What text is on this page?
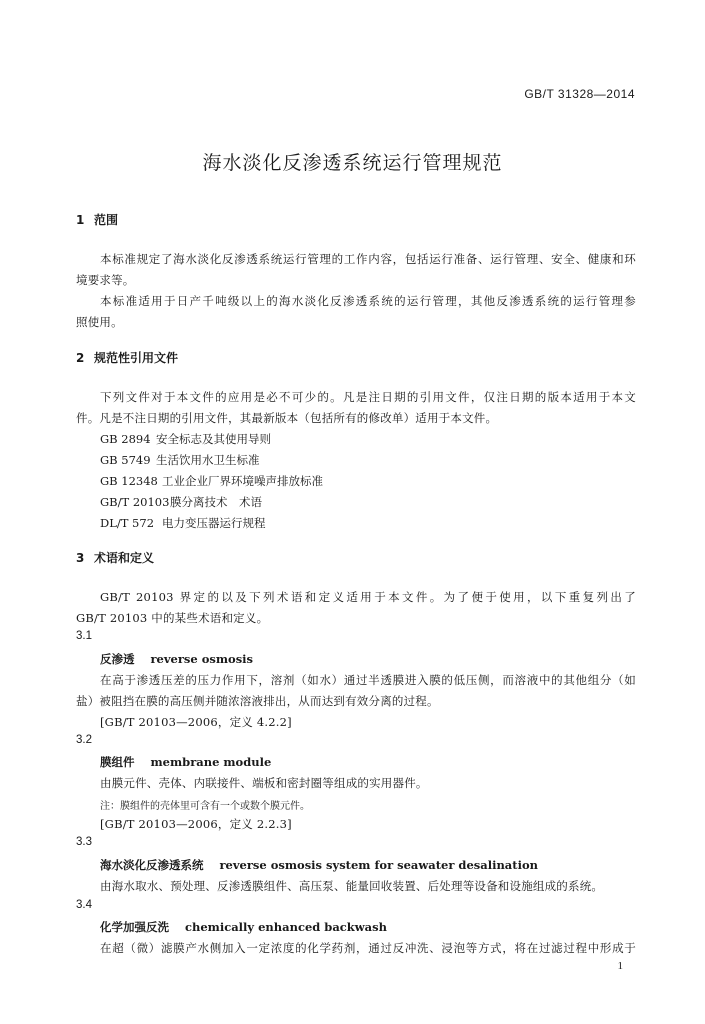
GB/T 31328—2014
海水淡化反渗透系统运行管理规范
1 范围
本标准规定了海水淡化反渗透系统运行管理的工作内容，包括运行准备、运行管理、安全、健康和环
境要求等。
本标准适用于日产千吨级以上的海水淡化反渗透系统的运行管理，其他反渗透系统的运行管理参
照使用。
2 规范性引用文件
下列文件对于本文件的应用是必不可少的。凡是注日期的引用文件，仅注日期的版本适用于本文
件。凡是不注日期的引用文件，其最新版本（包括所有的修改单）适用于本文件。
GB 2894 安全标志及其使用导则
GB 5749 生活饮用水卫生标准
GB 12348 工业企业厂界环境噪声排放标准
GB/T 20103膜分离技术　术语
DL/T 572 电力变压器运行规程
3 术语和定义
GB/T 20103 界定的以及下列术语和定义适用于本文件。为了便于使用，以下重复列出了
GB/T 20103 中的某些术语和定义。
3.1
反渗透 reverse osmosis
在高于渗透压差的压力作用下，溶剂（如水）通过半透膜进入膜的低压侧，而溶液中的其他组分（如
盐）被阻挡在膜的高压侧并随浓溶液排出，从而达到有效分离的过程。
[GB/T 20103—2006，定义 4.2.2]
3.2
膜组件 membrane module
由膜元件、壳体、内联接件、端板和密封圈等组成的实用器件。
注：膜组件的壳体里可含有一个或数个膜元件。
[GB/T 20103—2006，定义 2.2.3]
3.3
海水淡化反渗透系统 reverse osmosis system for seawater desalination
由海水取水、预处理、反渗透膜组件、高压泵、能量回收装置、后处理等设备和设施组成的系统。
3.4
化学加强反洗 chemically enhanced backwash
在超（微）滤膜产水侧加入一定浓度的化学药剂，通过反冲洗、浸泡等方式，将在过滤过程中形成于
1
